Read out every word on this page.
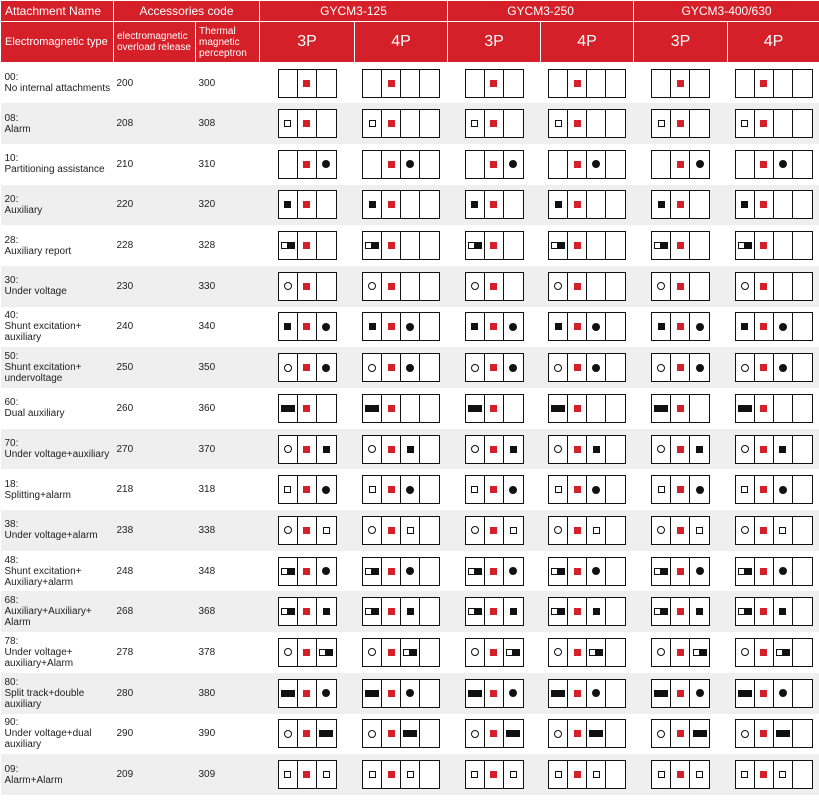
Attachment Name	Accessories code		GYCM3-125		GYCM3-250		GYCM3-400/630	
Electromagnetic type	electromagnetic overload release	Thermal magnetic perceptron	3P	4P	3P	4P	3P	4P

00:
No internal attachments	200	300	

08:
Alarm	208	308	

10:
Partitioning assistance	210	310	

20:
Auxiliary	220	320	

28:
Auxiliary report	228	328	

30:
Under voltage	230	330	

40:
Shunt excitation+ auxiliary	240	340	

50:
Shunt excitation+ undervoltage	250	350	

60:
Dual auxiliary	260	360	

70:
Under voltage+auxiliary	270	370	

18:
Splitting+alarm	218	318	

38:
Under voltage+alarm	238	338	

48:
Shunt excitation+ Auxiliary+alarm	248	348	

68:
Auxiliary+Auxiliary+ Alarm	268	368	

78:
Under voltage+ auxiliary+Alarm	278	378	

80:
Split track+double auxiliary	280	380	

90:
Under voltage+dual auxiliary	290	390	

09:
Alarm+Alarm	209	309	
